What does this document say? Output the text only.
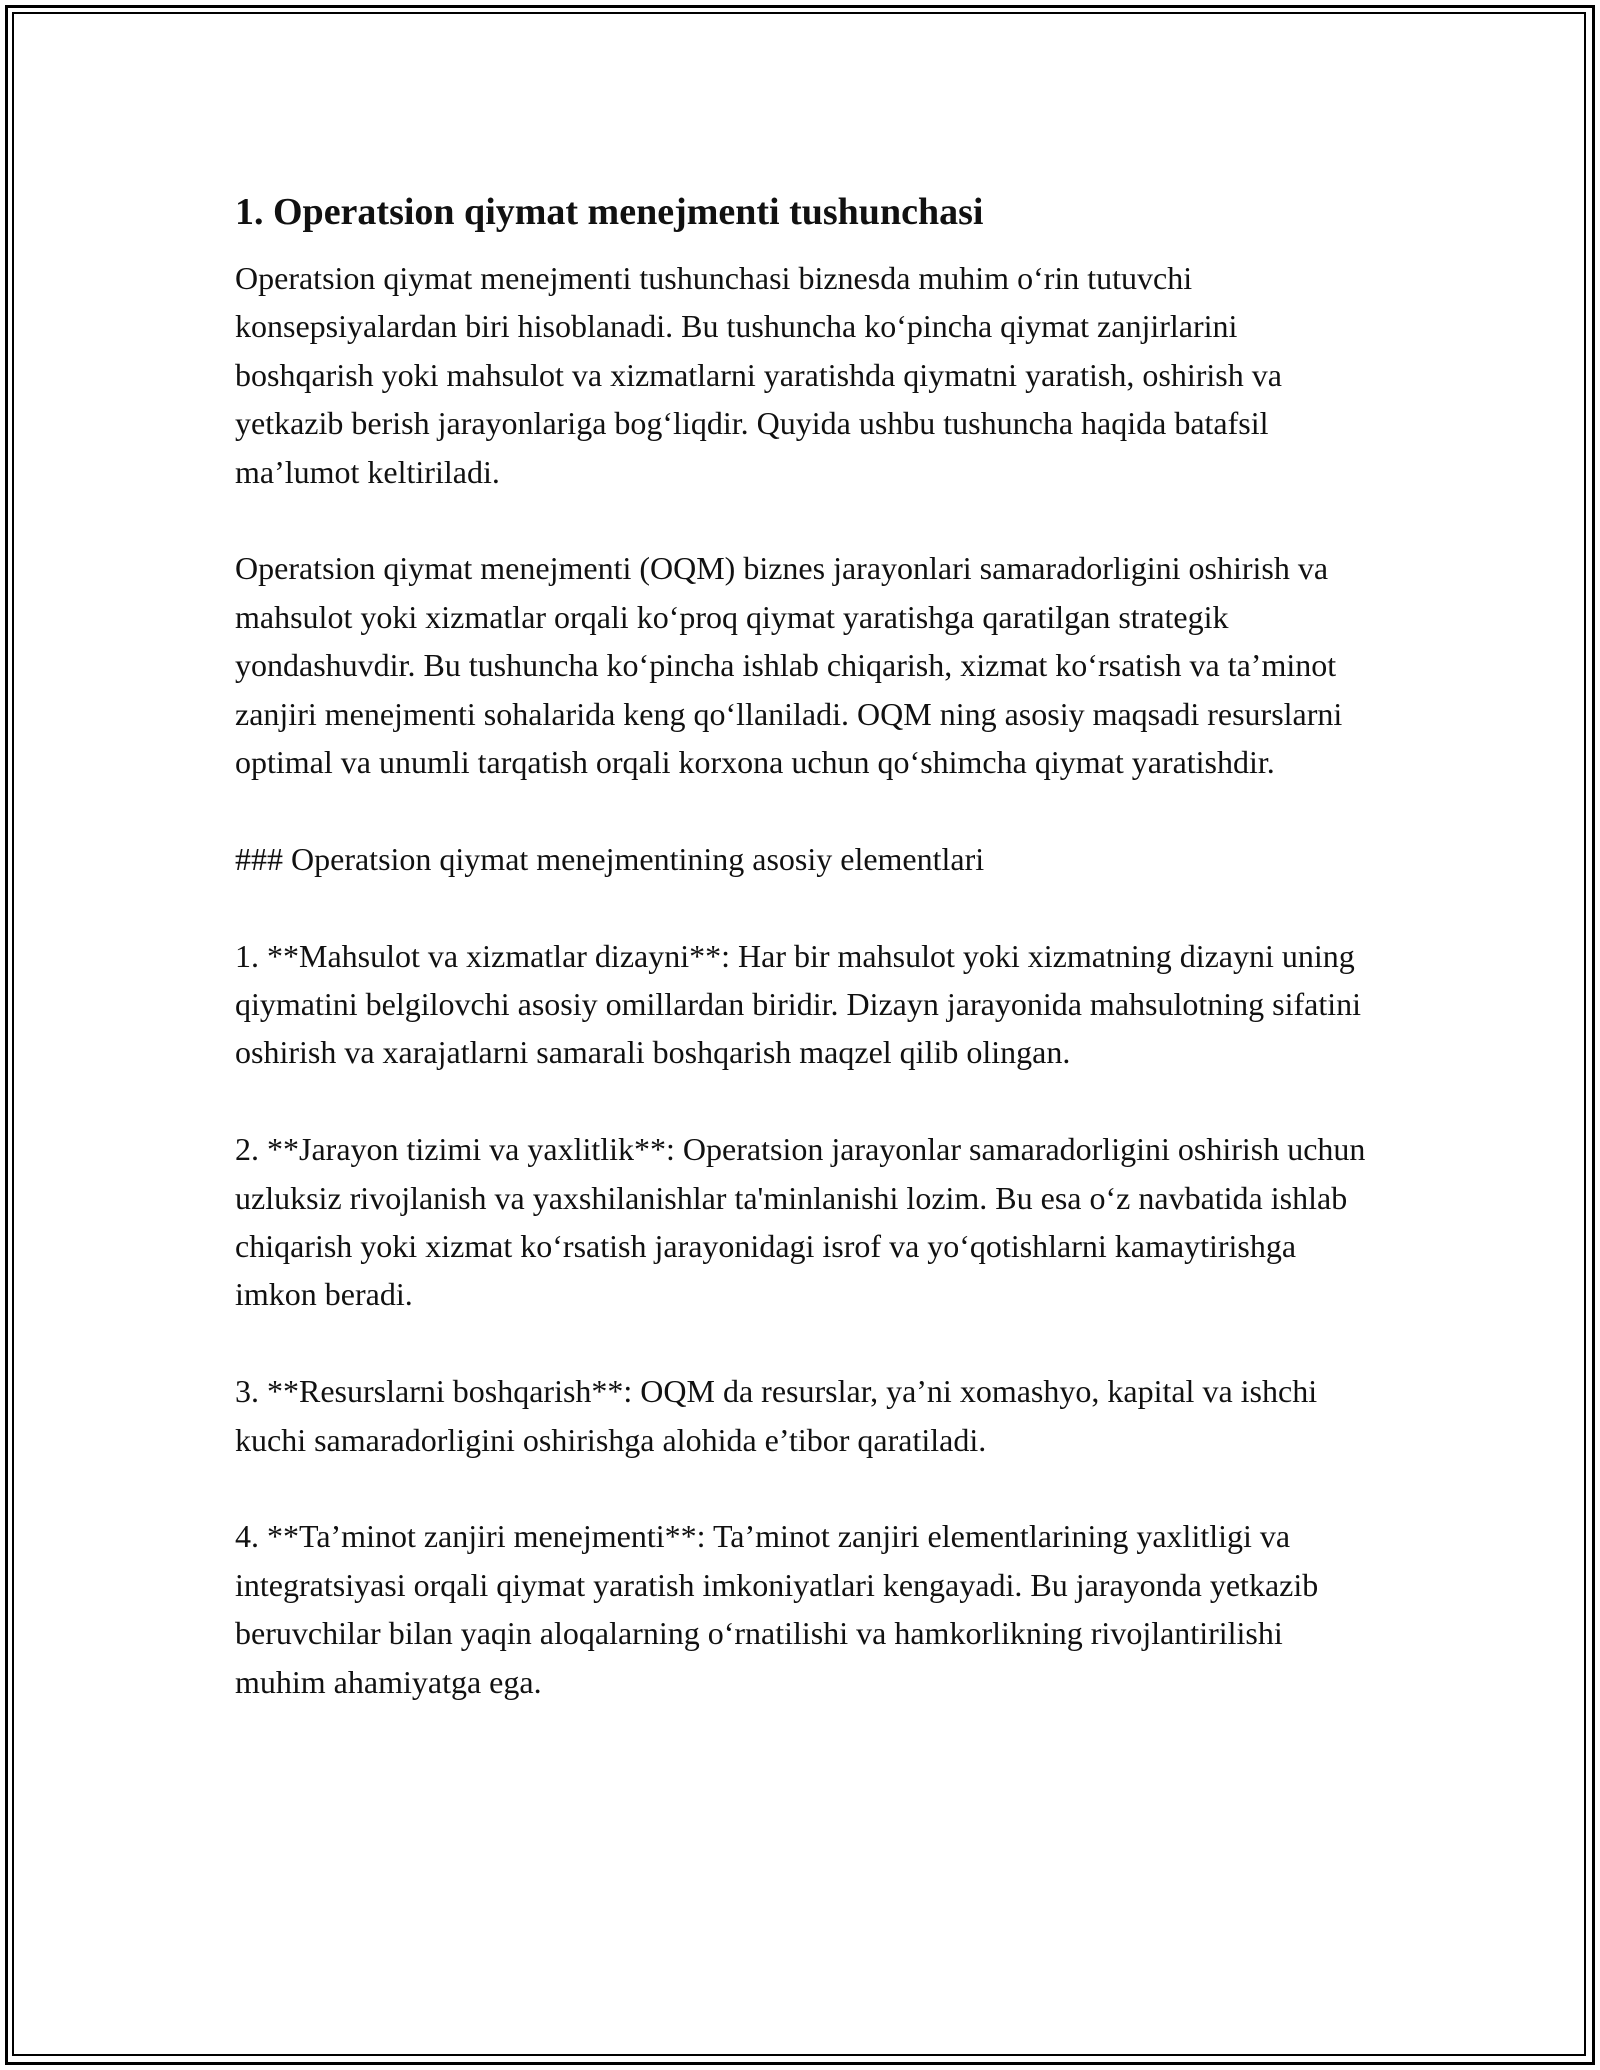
1. Operatsion qiymat menejmenti tushunchasi

Operatsion qiymat menejmenti tushunchasi biznesda muhim o‘rin tutuvchi konsepsiyalardan biri hisoblanadi. Bu tushuncha ko‘pincha qiymat zanjirlarini boshqarish yoki mahsulot va xizmatlarni yaratishda qiymatni yaratish, oshirish va yetkazib berish jarayonlariga bog‘liqdir. Quyida ushbu tushuncha haqida batafsil ma’lumot keltiriladi.

Operatsion qiymat menejmenti (OQM) biznes jarayonlari samaradorligini oshirish va mahsulot yoki xizmatlar orqali ko‘proq qiymat yaratishga qaratilgan strategik yondashuvdir. Bu tushuncha ko‘pincha ishlab chiqarish, xizmat ko‘rsatish va ta’minot zanjiri menejmenti sohalarida keng qo‘llaniladi. OQM ning asosiy maqsadi resurslarni optimal va unumli tarqatish orqali korxona uchun qo‘shimcha qiymat yaratishdir.

### Operatsion qiymat menejmentining asosiy elementlari

1. **Mahsulot va xizmatlar dizayni**: Har bir mahsulot yoki xizmatning dizayni uning qiymatini belgilovchi asosiy omillardan biridir. Dizayn jarayonida mahsulotning sifatini oshirish va xarajatlarni samarali boshqarish maqzel qilib olingan.

2. **Jarayon tizimi va yaxlitlik**: Operatsion jarayonlar samaradorligini oshirish uchun uzluksiz rivojlanish va yaxshilanishlar ta'minlanishi lozim. Bu esa o‘z navbatida ishlab chiqarish yoki xizmat ko‘rsatish jarayonidagi isrof va yo‘qotishlarni kamaytirishga imkon beradi.

3. **Resurslarni boshqarish**: OQM da resurslar, ya’ni xomashyo, kapital va ishchi kuchi samaradorligini oshirishga alohida e’tibor qaratiladi.

4. **Ta’minot zanjiri menejmenti**: Ta’minot zanjiri elementlarining yaxlitligi va integratsiyasi orqali qiymat yaratish imkoniyatlari kengayadi. Bu jarayonda yetkazib beruvchilar bilan yaqin aloqalarning o‘rnatilishi va hamkorlikning rivojlantirilishi muhim ahamiyatga ega.
